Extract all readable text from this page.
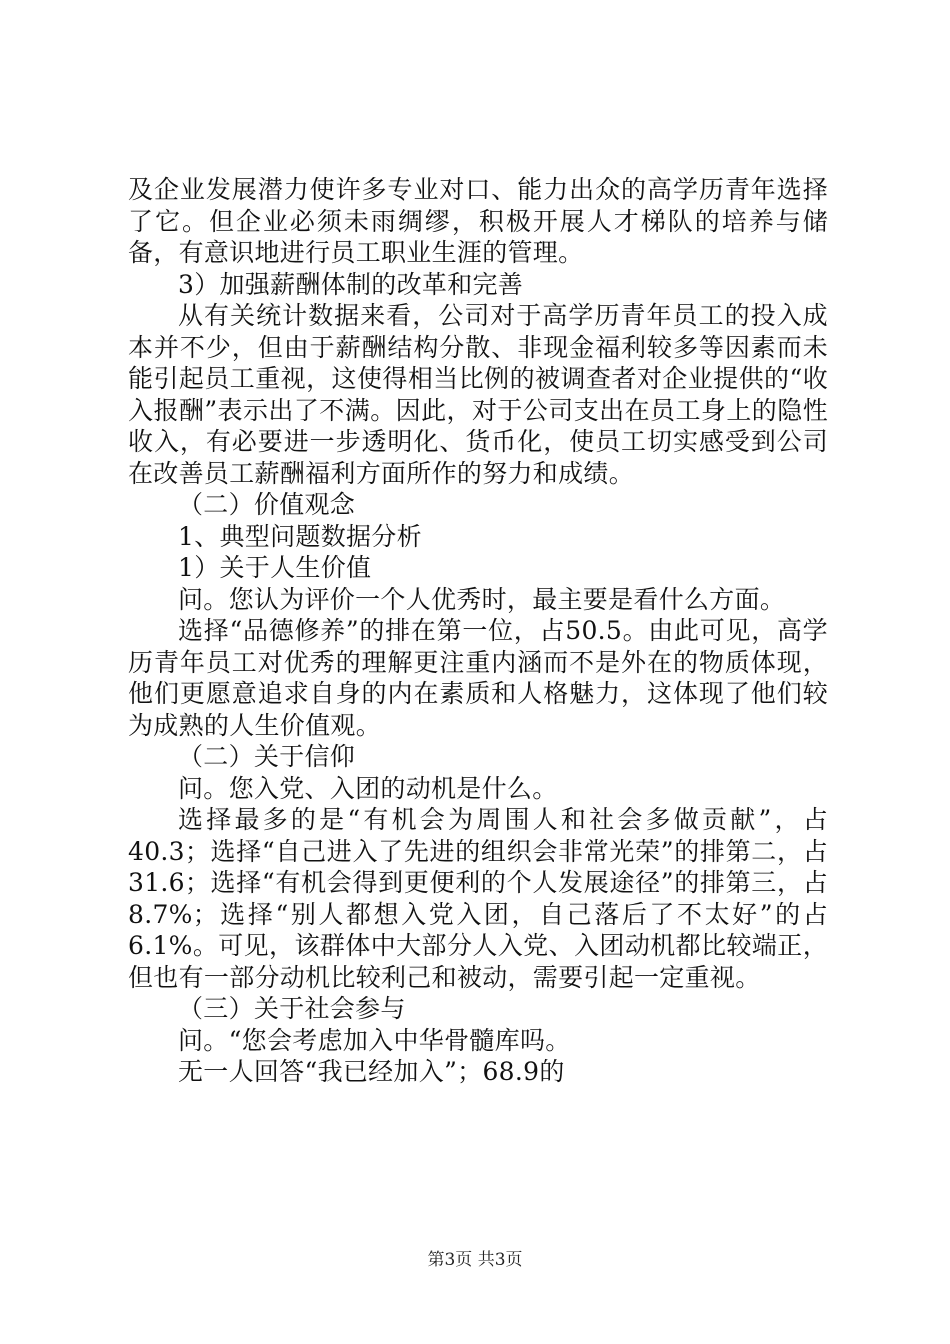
及企业发展潜力使许多专业对口、能力出众的高学历青年选择了它。但企业必须未雨绸缪，积极开展人才梯队的培养与储备，有意识地进行员工职业生涯的管理。

3）加强薪酬体制的改革和完善

从有关统计数据来看，公司对于高学历青年员工的投入成本并不少，但由于薪酬结构分散、非现金福利较多等因素而未能引起员工重视，这使得相当比例的被调查者对企业提供的“收入报酬”表示出了不满。因此，对于公司支出在员工身上的隐性收入，有必要进一步透明化、货币化，使员工切实感受到公司在改善员工薪酬福利方面所作的努力和成绩。

（二）价值观念

1、典型问题数据分析

1）关于人生价值

问。您认为评价一个人优秀时，最主要是看什么方面。

选择“品德修养”的排在第一位，占50.5。由此可见，高学历青年员工对优秀的理解更注重内涵而不是外在的物质体现，他们更愿意追求自身的内在素质和人格魅力，这体现了他们较为成熟的人生价值观。

（二）关于信仰

问。您入党、入团的动机是什么。

选择最多的是“有机会为周围人和社会多做贡献”，占40.3；选择“自己进入了先进的组织会非常光荣”的排第二，占31.6；选择“有机会得到更便利的个人发展途径”的排第三，占8.7%；选择“别人都想入党入团，自己落后了不太好”的占6.1%。可见，该群体中大部分人入党、入团动机都比较端正，但也有一部分动机比较利己和被动，需要引起一定重视。

（三）关于社会参与

问。“您会考虑加入中华骨髓库吗。

无一人回答“我已经加入”；68.9的

第3页 共3页
